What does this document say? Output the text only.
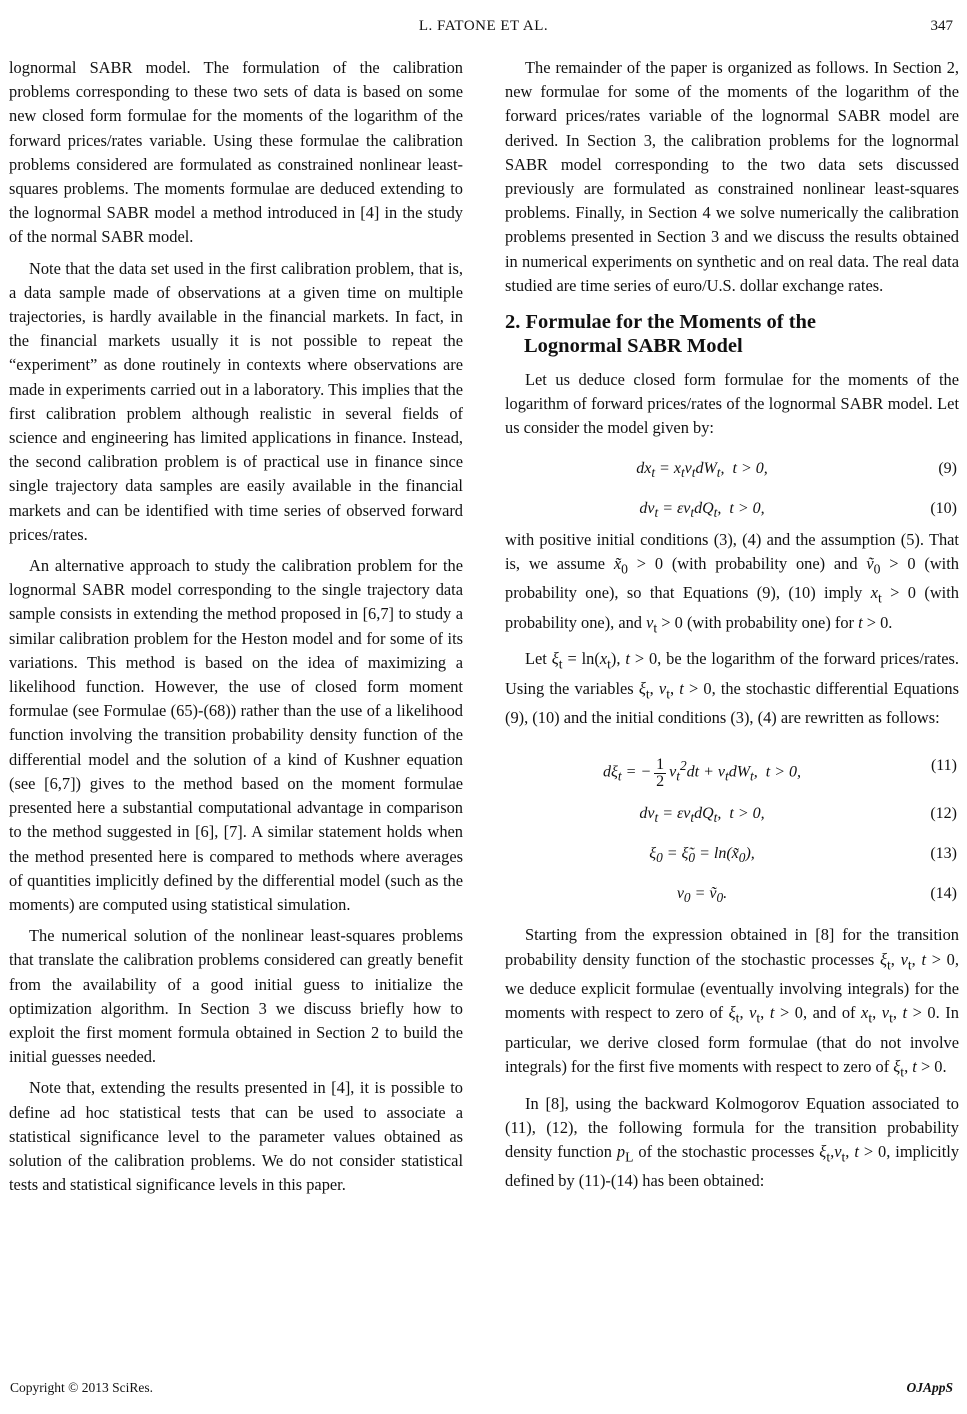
L. FATONE ET AL.	347

lognormal SABR model. The formulation of the calibration problems corresponding to these two sets of data is based on some new closed form formulae for the moments of the logarithm of the forward prices/rates variable. Using these formulae the calibration problems considered are formulated as constrained nonlinear least-squares problems. The moments formulae are deduced extending to the lognormal SABR model a method introduced in [4] in the study of the normal SABR model.

Note that the data set used in the first calibration problem, that is, a data sample made of observations at a given time on multiple trajectories, is hardly available in the financial markets. In fact, in the financial markets usually it is not possible to repeat the “experiment” as done routinely in contexts where observations are made in experiments carried out in a laboratory. This implies that the first calibration problem although realistic in several fields of science and engineering has limited applications in finance. Instead, the second calibration problem is of practical use in finance since single trajectory data samples are easily available in the financial markets and can be identified with time series of observed forward prices/rates.

An alternative approach to study the calibration problem for the lognormal SABR model corresponding to the single trajectory data sample consists in extending the method proposed in [6,7] to study a similar calibration problem for the Heston model and for some of its variations. This method is based on the idea of maximizing a likelihood function. However, the use of closed form moment formulae (see Formulae (65)-(68)) rather than the use of a likelihood function involving the transition probability density function of the differential model and the solution of a kind of Kushner equation (see [6,7]) gives to the method based on the moment formulae presented here a substantial computational advantage in comparison to the method suggested in [6], [7]. A similar statement holds when the method presented here is compared to methods where averages of quantities implicitly defined by the differential model (such as the moments) are computed using statistical simulation.

The numerical solution of the nonlinear least-squares problems that translate the calibration problems considered can greatly benefit from the availability of a good initial guess to initialize the optimization algorithm. In Section 3 we discuss briefly how to exploit the first moment formula obtained in Section 2 to build the initial guesses needed.

Note that, extending the results presented in [4], it is possible to define ad hoc statistical tests that can be used to associate a statistical significance level to the parameter values obtained as solution of the calibration problems. We do not consider statistical tests and statistical significance levels in this paper.

The remainder of the paper is organized as follows. In Section 2, new formulae for some of the moments of the logarithm of the forward prices/rates variable of the lognormal SABR model are derived. In Section 3, the calibration problems for the lognormal SABR model corresponding to the two data sets discussed previously are formulated as constrained nonlinear least-squares problems. Finally, in Section 4 we solve numerically the calibration problems presented in Section 3 and we discuss the results obtained in numerical experiments on synthetic and on real data. The real data studied are time series of euro/U.S. dollar exchange rates.

2. Formulae for the Moments of the
Lognormal SABR Model

Let us deduce closed form formulae for the moments of the logarithm of forward prices/rates of the lognormal SABR model. Let us consider the model given by:

$dx_t = x_tv_tdW_t$,  t > 0,	(9)
$dv_t = \varepsilon v_tdQ_t$,  t > 0,	(10)

with positive initial conditions (3), (4) and the assumption (5). That is, we assume $x̃_0 > 0$ (with probability one) and ṽ$_0$ > 0 (with probability one), so that Equations (9), (10) imply $x_t > 0$ (with probability one), and $v_t > 0$ (with probability one) for t > 0.

Let $\xi_t = \ln(x_t)$, t > 0, be the logarithm of the forward prices/rates. Using the variables $\xi_t$, $v_t$, t > 0, the stochastic differential Equations (9), (10) and the initial conditions (3), (4) are rewritten as follows:

$d\xi_t$ = − $\frac{1}{2} v_t^2dt + v_tdW_t$,  t > 0,	(11)
$dv_t = \varepsilon v_tdQ_t$,  t > 0,	(12)
$\xi_0$ = $\xĩ_0$ = $\ln(x̃_0)$,	(13)
$v_0$ = ṽ$_0$.	(14)

Starting from the expression obtained in [8] for the transition probability density function of the stochastic processes $\xi_t$, $v_t$, t > 0, we deduce explicit formulae (eventually involving integrals) for the moments with respect to zero of $\xi_t$, $v_t$, t > 0, and of $x_t$, $v_t$, t > 0. In particular, we derive closed form formulae (that do not involve integrals) for the first five moments with respect to zero of $\xi_t$, t > 0.

In [8], using the backward Kolmogorov Equation associated to (11), (12), the following formula for the transition probability density function $p_L$ of the stochastic processes $\xi_t,v_t$, t > 0, implicitly defined by (11)-(14) has been obtained:

Copyright © 2013 SciRes.	OJAppS
